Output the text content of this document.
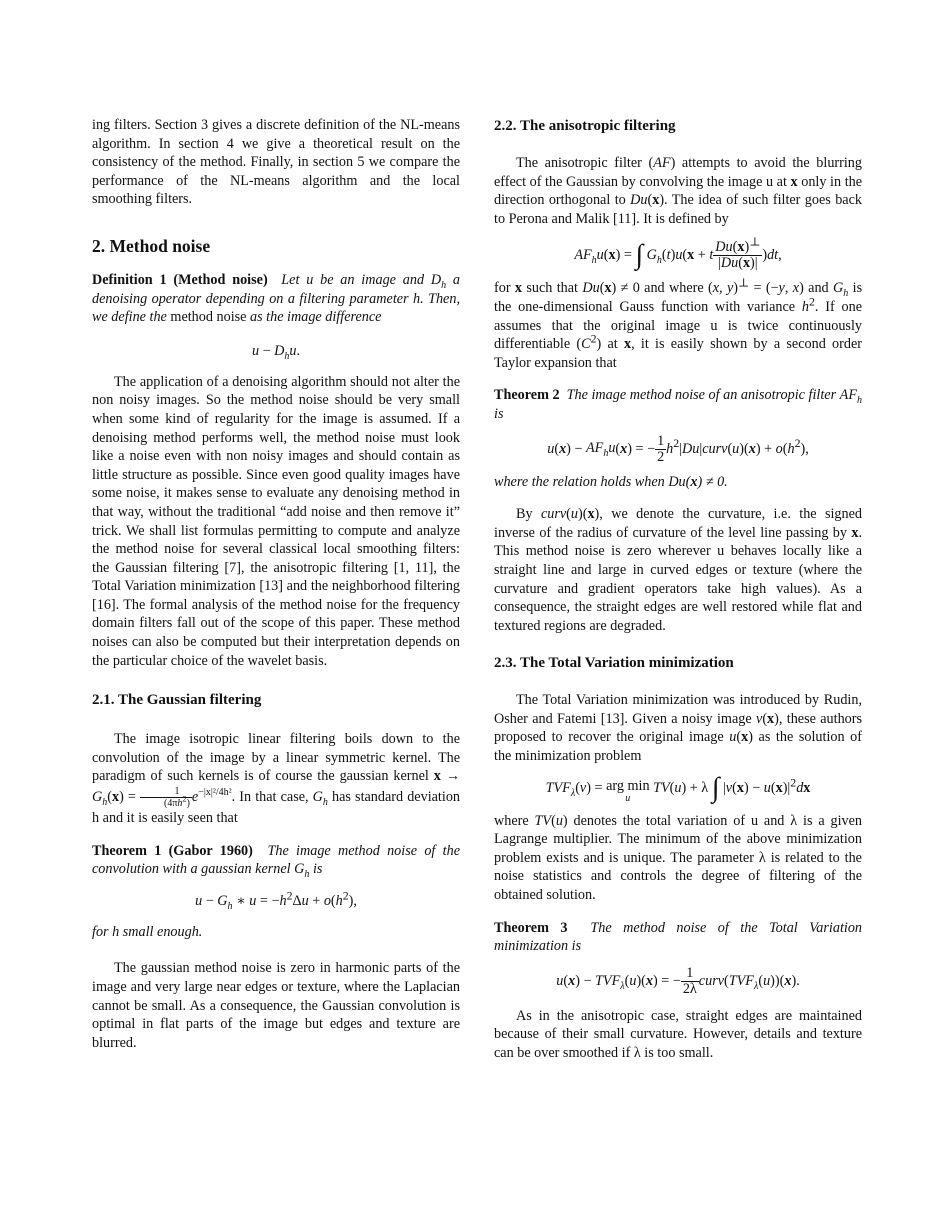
ing filters. Section 3 gives a discrete definition of the NL-means algorithm. In section 4 we give a theoretical result on the consistency of the method. Finally, in section 5 we compare the performance of the NL-means algorithm and the local smoothing filters.

2. Method noise

Definition 1 (Method noise) Let u be an image and $D_h$ a denoising operator depending on a filtering parameter h. Then, we define the method noise as the image difference

$u - D_hu$.

The application of a denoising algorithm should not alter the non noisy images. So the method noise should be very small when some kind of regularity for the image is assumed. If a denoising method performs well, the method noise must look like a noise even with non noisy images and should contain as little structure as possible. Since even good quality images have some noise, it makes sense to evaluate any denoising method in that way, without the traditional “add noise and then remove it” trick. We shall list formulas permitting to compute and analyze the method noise for several classical local smoothing filters: the Gaussian filtering [7], the anisotropic filtering [1, 11], the Total Variation minimization [13] and the neighborhood filtering [16]. The formal analysis of the method noise for the frequency domain filters fall out of the scope of this paper. These method noises can also be computed but their interpretation depends on the particular choice of the wavelet basis.

2.1. The Gaussian filtering

The image isotropic linear filtering boils down to the convolution of the image by a linear symmetric kernel. The paradigm of such kernels is of course the gaussian kernel $x \to G_h(x) = \frac{1}{(4\pi h^2)} e^{-|x|^2/4h^2}$. In that case, $G_h$ has standard deviation h and it is easily seen that

Theorem 1 (Gabor 1960) The image method noise of the convolution with a gaussian kernel $G_h$ is

$u - G_h$ ∗ $u = -h^2\Delta u + o(h^2)$,

for h small enough.

The gaussian method noise is zero in harmonic parts of the image and very large near edges or texture, where the Laplacian cannot be small. As a consequence, the Gaussian convolution is optimal in flat parts of the image but edges and texture are blurred.

2.2. The anisotropic filtering

The anisotropic filter (AF) attempts to avoid the blurring effect of the Gaussian by convolving the image u at x only in the direction orthogonal to Du(x). The idea of such filter goes back to Perona and Malik [11]. It is defined by

$AF_hu(x)$ = ∫ $G_h(t)u(x + t \frac{Du(x)^\perp}{|Du(x)|} )dt$,

for x such that Du(x) ≠ 0 and where (x, y)⊥ = (−y, x) and $G_h$ is the one-dimensional Gauss function with variance $h^2$. If one assumes that the original image u is twice continuously differentiable $(C^2)$ at x, it is easily shown by a second order Taylor expansion that

Theorem 2 The image method noise of an anisotropic filter $AF_h$ is

$u(x) - AF_hu(x)$ = − $\frac{1}{2}$ $h^2|Du|curv(u)(x) + o(h^2)$,

where the relation holds when Du(x) ≠ 0.

By curv(u)(x), we denote the curvature, i.e. the signed inverse of the radius of curvature of the level line passing by x. This method noise is zero wherever u behaves locally like a straight line and large in curved edges or texture (where the curvature and gradient operators take high values). As a consequence, the straight edges are well restored while flat and textured regions are degraded.

2.3. The Total Variation minimization

The Total Variation minimization was introduced by Rudin, Osher and Fatemi [13]. Given a noisy image v(x), these authors proposed to recover the original image u(x) as the solution of the minimization problem

$TVF_\lambda(v)$ = arg min
u
TV(u) + λ ∫ $|v(x) - u(x)|^2dx$

where TV(u) denotes the total variation of u and λ is a given Lagrange multiplier. The minimum of the above minimization problem exists and is unique. The parameter λ is related to the noise statistics and controls the degree of filtering of the obtained solution.

Theorem 3 The method noise of the Total Variation minimization is

$u(x) - TVF_\lambda(u)(x)$ = − $\frac{1}{2\lambda}$ $curv(TVF_\lambda(u))(x)$.

As in the anisotropic case, straight edges are maintained because of their small curvature. However, details and texture can be over smoothed if λ is too small.
